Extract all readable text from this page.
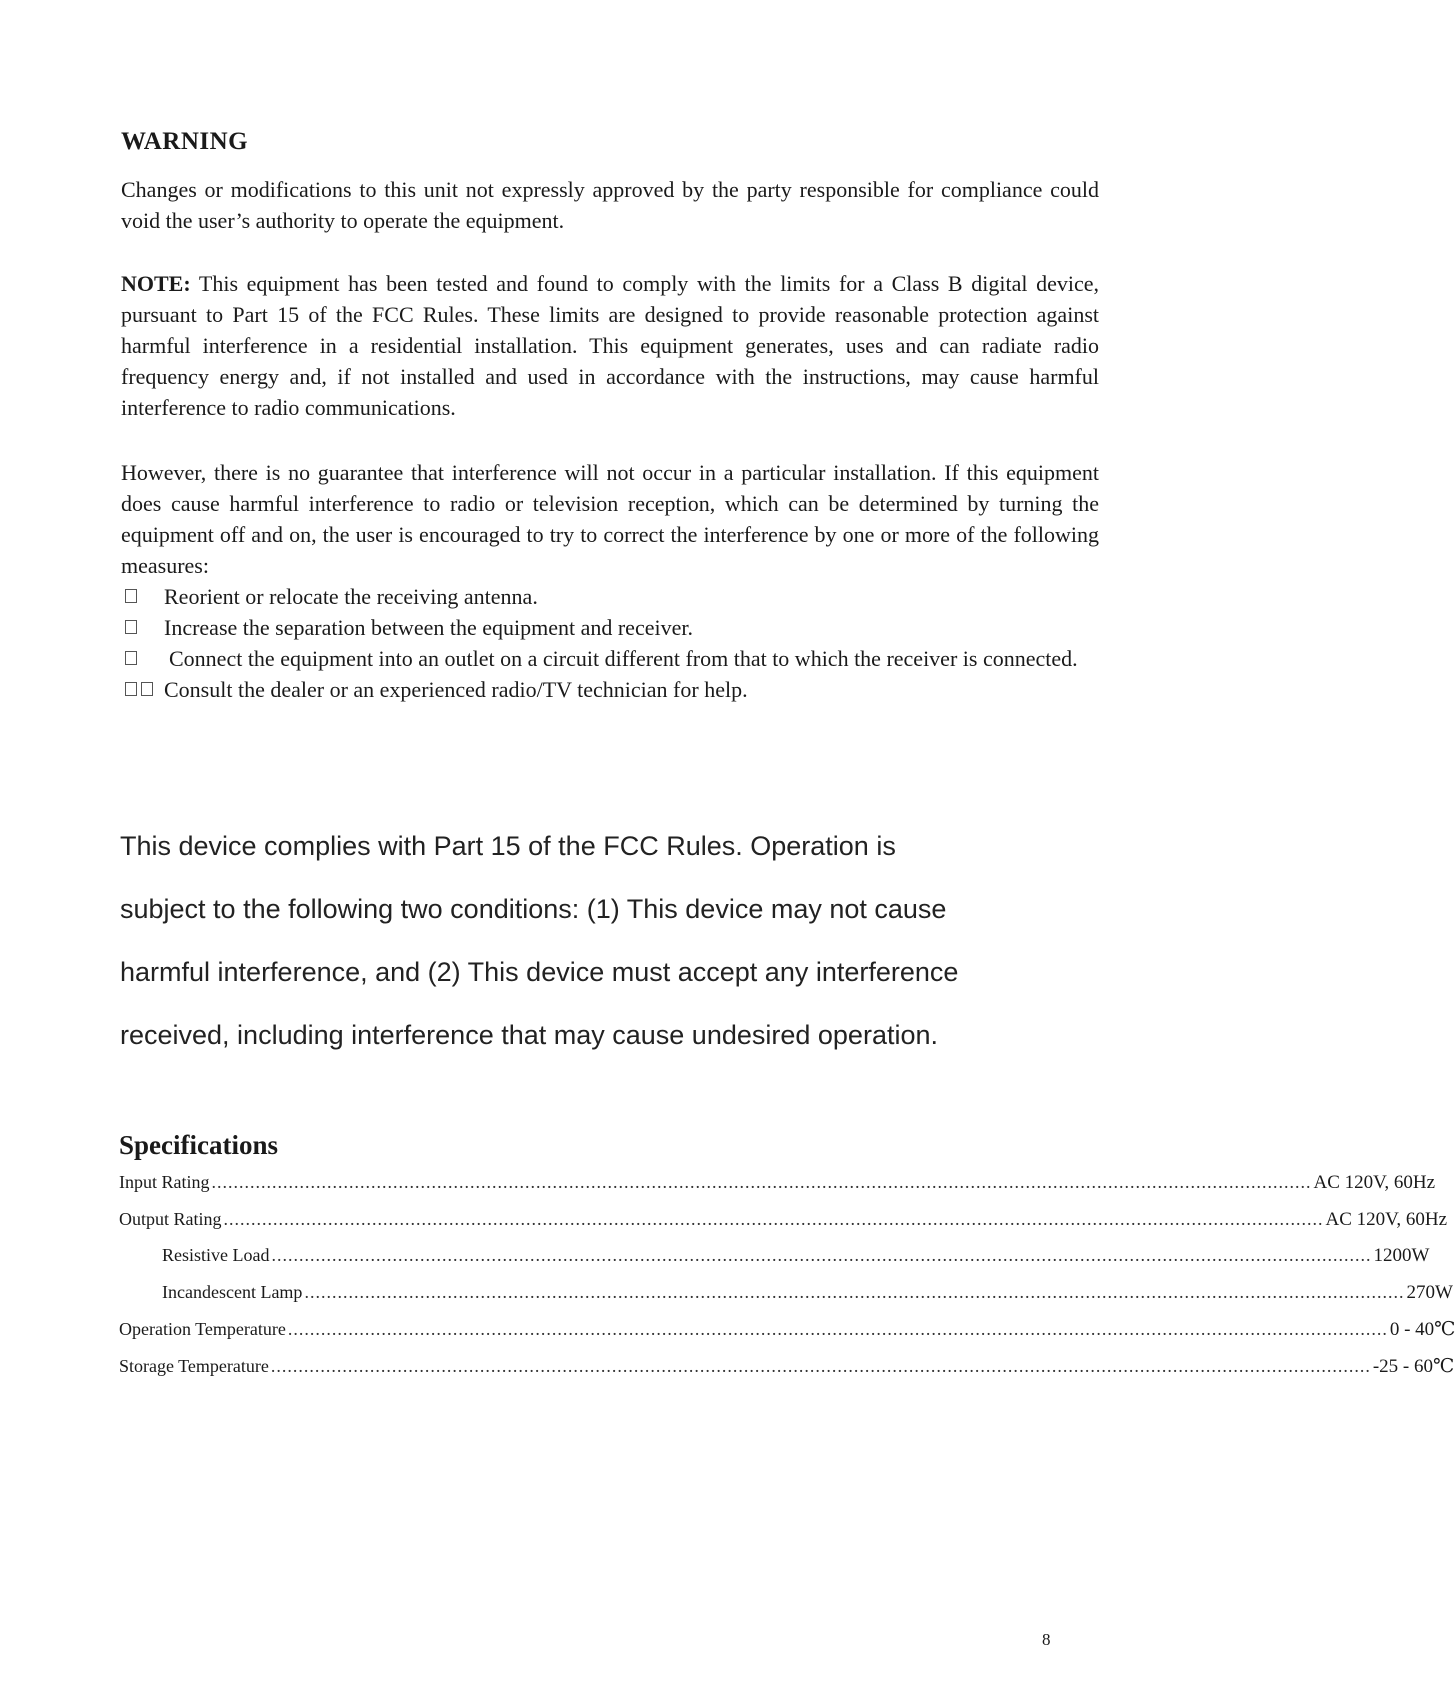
WARNING
Changes or modifications to this unit not expressly approved by the party responsible for compliance could void the user’s authority to operate the equipment.
NOTE: This equipment has been tested and found to comply with the limits for a Class B digital device, pursuant to Part 15 of the FCC Rules. These limits are designed to provide reasonable protection against harmful interference in a residential installation. This equipment generates, uses and can radiate radio frequency energy and, if not installed and used in accordance with the instructions, may cause harmful interference to radio communications.
However, there is no guarantee that interference will not occur in a particular installation. If this equipment does cause harmful interference to radio or television reception, which can be determined by turning the equipment off and on, the user is encouraged to try to correct the interference by one or more of the following measures:
Reorient or relocate the receiving antenna.
Increase the separation between the equipment and receiver.
Connect the equipment into an outlet on a circuit different from that to which the receiver is connected.
Consult the dealer or an experienced radio/TV technician for help.
This device complies with Part 15 of the FCC Rules. Operation is
subject to the following two conditions: (1) This device may not cause
harmful interference, and (2) This device must accept any interference
received, including interference that may cause undesired operation.
Specifications
Input Rating ........................................................................................................................................................................................................ AC 120V, 60Hz
Output Rating ........................................................................................................................................................................................................ AC 120V, 60Hz
Resistive Load ........................................................................................................................................................................................................ 1200W
Incandescent Lamp ........................................................................................................................................................................................................ 270W
Operation Temperature ........................................................................................................................................................................................................ 0 - 40℃
Storage Temperature ........................................................................................................................................................................................................ -25 - 60℃
8
